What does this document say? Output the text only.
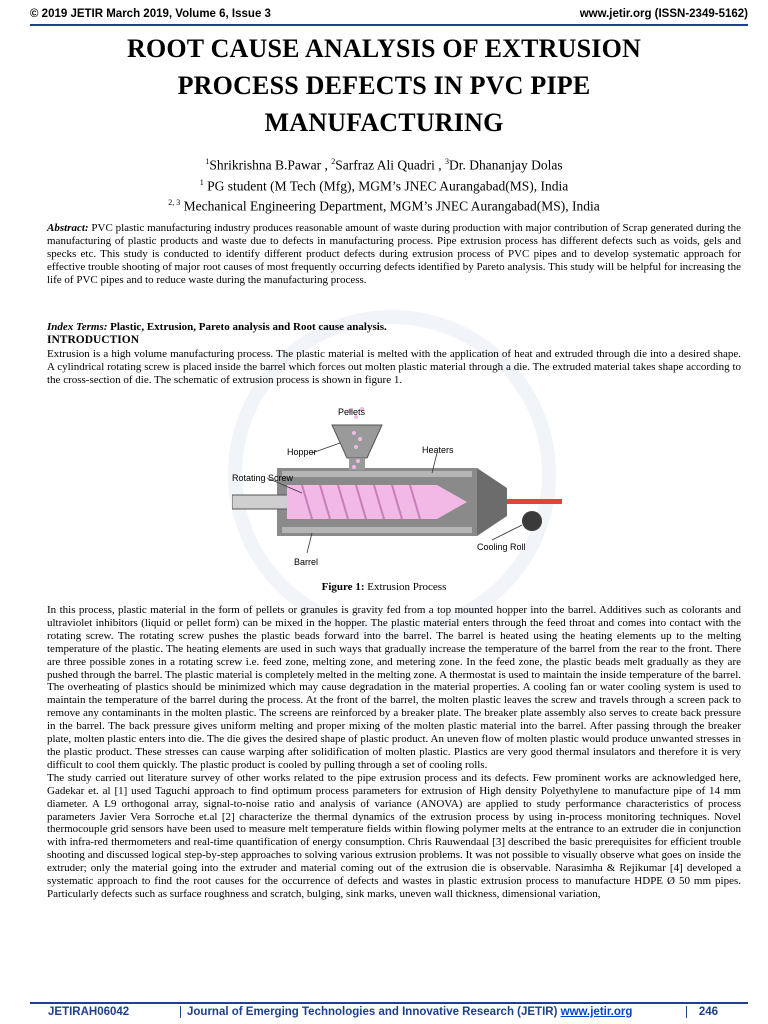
© 2019 JETIR March 2019, Volume 6, Issue 3	www.jetir.org (ISSN-2349-5162)
ROOT CAUSE ANALYSIS OF EXTRUSION
PROCESS DEFECTS IN PVC PIPE
MANUFACTURING
$^1$Shrikrishna B.Pawar , $^2$Sarfraz Ali Quadri , $^3$Dr. Dhananjay Dolas
$^1$ PG student (M Tech (Mfg), MGM’s JNEC Aurangabad(MS), India
$^{2, 3}$ Mechanical Engineering Department, MGM’s JNEC Aurangabad(MS), India
Abstract: PVC plastic manufacturing industry produces reasonable amount of waste during production with major contribution of Scrap generated during the manufacturing of plastic products and waste due to defects in manufacturing process. Pipe extrusion process has different defects such as voids, gels and specks etc. This study is conducted to identify different product defects during extrusion process of PVC pipes and to develop systematic approach for effective trouble shooting of major root causes of most frequently occurring defects identified by Pareto analysis. This study will be helpful for increasing the life of PVC pipes and to reduce waste during the manufacturing process.
Index Terms: Plastic, Extrusion, Pareto analysis and Root cause analysis.
INTRODUCTION
Extrusion is a high volume manufacturing process. The plastic material is melted with the application of heat and extruded through die into a desired shape. A cylindrical rotating screw is placed inside the barrel which forces out molten plastic material through a die. The extruded material takes shape according to the cross-section of die. The schematic of extrusion process is shown in figure 1.
Pellets
Hopper	Heaters
Rotating Screw
Barrel
Cooling Roll
Figure 1: Extrusion Process
In this process, plastic material in the form of pellets or granules is gravity fed from a top mounted hopper into the barrel. Additives such as colorants and ultraviolet inhibitors (liquid or pellet form) can be mixed in the hopper. The plastic material enters through the feed throat and comes into contact with the rotating screw. The rotating screw pushes the plastic beads forward into the barrel. The barrel is heated using the heating elements up to the melting temperature of the plastic. The heating elements are used in such ways that gradually increase the temperature of the barrel from the rear to the front. There are three possible zones in a rotating screw i.e. feed zone, melting zone, and metering zone. In the feed zone, the plastic beads melt gradually as they are pushed through the barrel. The plastic material is completely melted in the melting zone. A thermostat is used to maintain the inside temperature of the barrel. The overheating of plastics should be minimized which may cause degradation in the material properties. A cooling fan or water cooling system is used to maintain the temperature of the barrel during the process. At the front of the barrel, the molten plastic leaves the screw and travels through a screen pack to remove any contaminants in the molten plastic. The screens are reinforced by a breaker plate. The breaker plate assembly also serves to create back pressure in the barrel. The back pressure gives uniform melting and proper mixing of the molten plastic material into the barrel. After passing through the breaker plate, molten plastic enters into die. The die gives the desired shape of plastic product. An uneven flow of molten plastic would produce unwanted stresses in the plastic product. These stresses can cause warping after solidification of molten plastic. Plastics are very good thermal insulators and therefore it is very difficult to cool them quickly. The plastic product is cooled by pulling through a set of cooling rolls.
The study carried out literature survey of other works related to the pipe extrusion process and its defects. Few prominent works are acknowledged here, Gadekar et. al [1] used Taguchi approach to find optimum process parameters for extrusion of High density Polyethylene to manufacture pipe of 14 mm diameter. A L9 orthogonal array, signal-to-noise ratio and analysis of variance (ANOVA) are applied to study performance characteristics of process parameters Javier Vera Sorroche et.al [2] characterize the thermal dynamics of the extrusion process by using in-process monitoring techniques. Novel thermocouple grid sensors have been used to measure melt temperature fields within flowing polymer melts at the entrance to an extruder die in conjunction with infra-red thermometers and real-time quantification of energy consumption. Chris Rauwendaal [3] described the basic prerequisites for efficient trouble shooting and discussed logical step-by-step approaches to solving various extrusion problems. It was not possible to visually observe what goes on inside the extruder; only the material going into the extruder and material coming out of the extrusion die is observable. Narasimha & Rejikumar [4] developed a systematic approach to find the root causes for the occurrence of defects and wastes in plastic extrusion process to manufacture HDPE Ø 50 mm pipes. Particularly defects such as surface roughness and scratch, bulging, sink marks, uneven wall thickness, dimensional variation,
JETIRAH06042	Journal of Emerging Technologies and Innovative Research (JETIR) www.jetir.org	246
